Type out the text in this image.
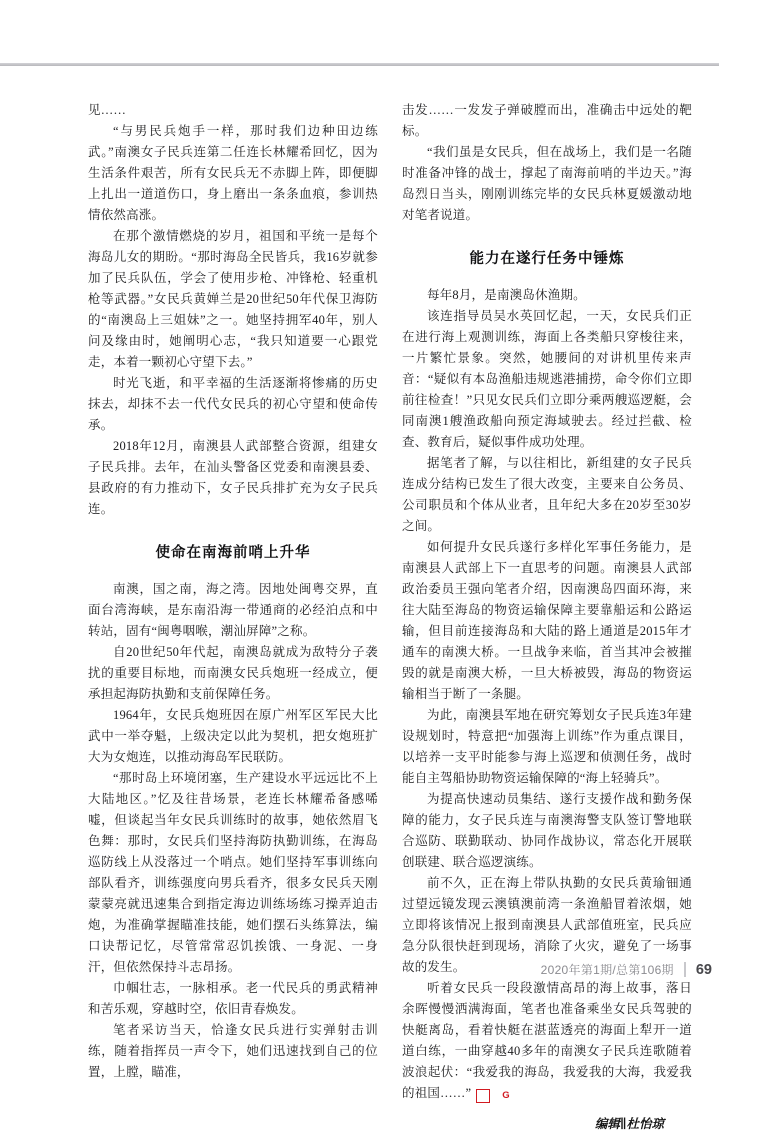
见……

“与男民兵炮手一样，那时我们边种田边练武。”南澳女子民兵连第二任连长林耀希回忆，因为生活条件艰苦，所有女民兵无不赤脚上阵，即便脚上扎出一道道伤口，身上磨出一条条血痕，参训热情依然高涨。

在那个激情燃烧的岁月，祖国和平统一是每个海岛儿女的期盼。“那时海岛全民皆兵，我16岁就参加了民兵队伍，学会了使用步枪、冲锋枪、轻重机枪等武器。”女民兵黄婵兰是20世纪50年代保卫海防的“南澳岛上三姐妹”之一。她坚持拥军40年，别人问及缘由时，她阐明心志，“我只知道要一心跟党走，本着一颗初心守望下去。”

时光飞逝，和平幸福的生活逐渐将惨痛的历史抹去，却抹不去一代代女民兵的初心守望和使命传承。

2018年12月，南澳县人武部整合资源，组建女子民兵排。去年，在汕头警备区党委和南澳县委、县政府的有力推动下，女子民兵排扩充为女子民兵连。

使命在南海前哨上升华

南澳，国之南，海之湾。因地处闽粤交界，直面台湾海峡，是东南沿海一带通商的必经泊点和中转站，固有“闽粤咽喉，潮汕屏障”之称。

自20世纪50年代起，南澳岛就成为敌特分子袭扰的重要目标地，而南澳女民兵炮班一经成立，便承担起海防执勤和支前保障任务。

1964年，女民兵炮班因在原广州军区军民大比武中一举夺魁，上级决定以此为契机，把女炮班扩大为女炮连，以推动海岛军民联防。

“那时岛上环境闭塞，生产建设水平远远比不上大陆地区。”忆及往昔场景，老连长林耀希备感唏嘘，但谈起当年女民兵训练时的故事，她依然眉飞色舞：那时，女民兵们坚持海防执勤训练，在海岛巡防线上从没落过一个哨点。她们坚持军事训练向部队看齐，训练强度向男兵看齐，很多女民兵天刚蒙蒙亮就迅速集合到指定海边训练场练习操弄迫击炮，为准确掌握瞄准技能，她们摆石头练算法，编口诀帮记忆，尽管常常忍饥挨饿、一身泥、一身汗，但依然保持斗志昂扬。

巾帼壮志，一脉相承。老一代民兵的勇武精神和苦乐观，穿越时空，依旧青春焕发。

笔者采访当天，恰逢女民兵进行实弹射击训练，随着指挥员一声令下，她们迅速找到自己的位置，上膛，瞄准，

击发……一发发子弹破膛而出，准确击中远处的靶标。

“我们虽是女民兵，但在战场上，我们是一名随时准备冲锋的战士，撑起了南海前哨的半边天。”海岛烈日当头，刚刚训练完毕的女民兵林夏媛激动地对笔者说道。

能力在遂行任务中锤炼

每年8月，是南澳岛休渔期。

该连指导员吴水英回忆起，一天，女民兵们正在进行海上观测训练，海面上各类船只穿梭往来，一片繁忙景象。突然，她腰间的对讲机里传来声音：“疑似有本岛渔船违规逃港捕捞，命令你们立即前往检查！”只见女民兵们立即分乘两艘巡逻艇，会同南澳1艘渔政船向预定海域驶去。经过拦截、检查、教育后，疑似事件成功处理。

据笔者了解，与以往相比，新组建的女子民兵连成分结构已发生了很大改变，主要来自公务员、公司职员和个体从业者，且年纪大多在20岁至30岁之间。

如何提升女民兵遂行多样化军事任务能力，是南澳县人武部上下一直思考的问题。南澳县人武部政治委员王强向笔者介绍，因南澳岛四面环海，来往大陆至海岛的物资运输保障主要靠船运和公路运输，但目前连接海岛和大陆的路上通道是2015年才通车的南澳大桥。一旦战争来临，首当其冲会被摧毁的就是南澳大桥，一旦大桥被毁，海岛的物资运输相当于断了一条腿。

为此，南澳县军地在研究筹划女子民兵连3年建设规划时，特意把“加强海上训练”作为重点课目，以培养一支平时能参与海上巡逻和侦测任务，战时能自主驾船协助物资运输保障的“海上轻骑兵”。

为提高快速动员集结、遂行支援作战和勤务保障的能力，女子民兵连与南澳海警支队签订警地联合巡防、联勤联动、协同作战协议，常态化开展联创联建、联合巡逻演练。

前不久，正在海上带队执勤的女民兵黄瑜钿通过望远镜发现云澳镇澳前湾一条渔船冒着浓烟，她立即将该情况上报到南澳县人武部值班室，民兵应急分队很快赶到现场，消除了火灾，避免了一场事故的发生。

听着女民兵一段段激情高昂的海上故事，落日余晖慢慢洒满海面，笔者也准备乘坐女民兵驾驶的快艇离岛，看着快艇在湛蓝透亮的海面上犁开一道道白练，一曲穿越40多年的南澳女子民兵连歌随着波浪起伏：“我爱我的海岛，我爱我的大海，我爱我的祖国……”	G

编辑∥杜怡琼
2020年第1期/总第106期 69
